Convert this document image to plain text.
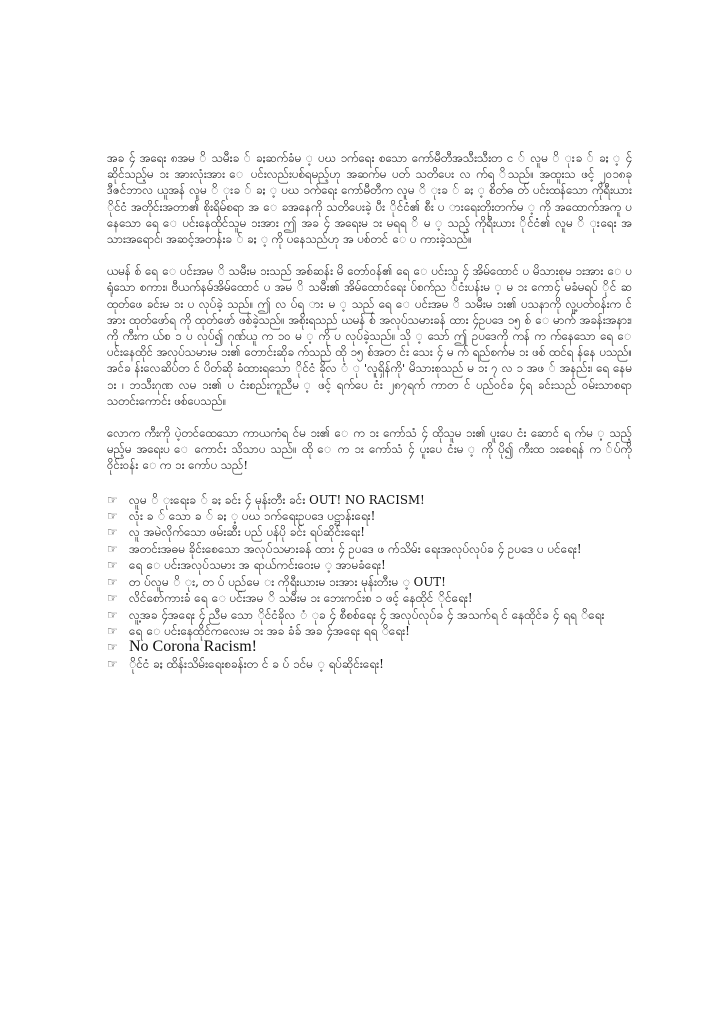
အခ ၄် အရေး ၈အမ ိ သမီးခ ် ခႏဆက်ခံမ ့ ပဃ ၁က်ရေး စသော ကော်မီတီအသီးသီးတ င ် လူမ ိ ုးခ ် ခႏ ့ ၄် ဆိုင်သည့်မ ၁း အားလုံးအား ေ ပင်းလည်းပစ်ရမည့်ဟု အဆက်မ ပတ် သတိပေး လ က်ရ ိသည်။ အထူးသ ဖင့် ၂၀၁၈ခု ဒီဇင်ဘာလ ယူအန် လူမ ိ ုးခ ် ခႏ ့ ပဃ ၁က်ရေး ကော်မီတီက လူမ ိ ုးခ ် ခႏ ့ စိတ်ဓ တ် ပင်းထန်သော ကိုရီးယား ိုင်ငံ အတိုင်းအတာ၏ စိုးရိမ်စရာ အ ေ ခအနေကို သတိပေးခဲ့ ပီး ိုင်ငံ၏ စီး ပ ားရေးတိုးတက်မ ့ ကို အထောက်အကူ ပ နေသော ရေ ေ ပင်းနေထိုင်သူမ ၁းအား ဤ အခ ၄် အရေးမ ၁း မရရ ိ မ ့ သည့် ကိုရီးယား ိုင်ငံ၏ လူမ ိ ုးရေး အ သားအရောင်၊ အဆင့်အတန်းခ ် ခႏ ့ ကို ပနေသည်ဟု အ ပစ်တင် ေ ပ ကားခဲ့သည်။

ယမန် စ် ရေ ေ ပင်းအမ ိ သမီးမ ၁းသည် အစ်ဆန်း မိ တော်ဝန်၏ ရေ ေ ပင်းသူ ၄် အိမ်ထောင် ပ မိသားစုမ ၁းအား ေ ပရုံသော စကား၊ ဗီယက်နမ်အိမ်ထောင် ပ အမ ိ သမီး၏ အိမ်ထောင်ရေး ပ်စက်ည ်ငံးပန်းမ ့ မ ၁း ကော၄် မခံမရပ် ိုင် ဆ ထုတ်ဖေ ခင်းမ ၁း ပ လုပ်ခဲ့ သည်။ ဤ လ ပ်ရ ား မ ့ သည် ရေ ေ ပင်းအမ ိ သမီးမ ၁း၏ ပသနာကို လူ့ပတ်ဝန်းက င်အား ထုတ်ဖော်ရ ကို ထုတ်ဖော် ဖစ်ခဲ့သည်။ အစိုးရသည် ယမန် စ် အလုပ်သမားခန် ထား ၄်ဥပဒေ ၁၅ စ် ေ မာက် အခန်းအနား၊ကို ကီးက ယ်စ ၁ ပ လုပ်၍ ဂုဏ်ယူ က ၁၀ မ ့ ကို ပ လုပ်ခဲ့သည်။ သို ့ သော် ဤ ဥပဒေကို ကန် က က်နေသော ရေ ေ ပင်းနေထိုင် အလုပ်သမားမ ၁း၏ တောင်းဆိုခ က်သည် ထို ၁၅ စ်အတ င်း သေး ၄် မ က် ရည်စက်မ ၁း ဖစ် ထင်ရ န်နေ ပသည်။ အင်ခ န်းလေဆိပ်တ င် ပိတ်ဆို ခံထားရသော ိုင်ငံ ခိုလ ံ ု 'လူရှိန်ကို' မိသားစုသည် မ ၁း ၇ လ ၁ အဖ ် အနည်း၊ ရေ နေမ ၁း ၊ ဘသီးဂုဏ လမ ၁း၏ ပ ငံးစည်းကူညီမ ့ ဖင့် ရက်ပေ ငံး ၂၈၇ရက် ကာတ င် ပည်ဝင်ခ ၄်ရ ခင်းသည် ဝမ်းသာစရာ သတင်းကောင်း ဖစ်ပေသည်။

လောက ကီးကို ပဲ့တင်ထေသော ကာယကံရ င်မ ၁း၏ ေ က ၁း ကော်သံ ၄် ထိုသူမ ၁း၏ ပူးပေ ငံး ဆောင် ရ က်မ ့ သည့် မည့်မ အရေးပ ေ ကောင်း သိသာပ သည်။ ထို ေ က ၁း ကော်သံ ၄် ပူးပေ ငံးမ ့ ကို ပို၍ ကီးထ ၁းစေရန် က ်ပ်ကို ဝိုင်းဝန်း ေ က ၁း ကော်ပ သည်!

☞ လူမ ိ ုးရေးခ ် ခႏ ခင်း ၄် မုန်းတီး ခင်း OUT! NO RACISM!
☞ လုံး ခ ် သော ခ ် ခႏ ့ ပဃ ၁က်ရေးဥပဒေ ပဋ္ဌာန်းရေး!
☞ လူ အမဲလိုက်သော ဖမ်းဆီး ပည် ပန်ပို ခင်း ရပ်ဆိုင်းရေး!
☞ အတင်းအဓမ ခိုင်းစေသော အလုပ်သမားခန် ထား ၄် ဥပဒေ ဖ က်သိမ်း ရေးအလုပ်လုပ်ခ ၄် ဥပဒေ ပ ပင်ရေး!
☞ ရေ ေ ပင်းအလုပ်သမား အ ရာယ်ကင်းဝေးမ ့ အာမခံရေး!
☞ တ ပ်လူမ ိ ုး, တ ပ် ပည်မေ း ကိုရီးယားမ ၁းအား မုန်းတီးမ ့ OUT!
☞ လိင်စော်ကားခံ ရေ ေ ပင်းအမ ိ သမီးမ ၁း ဘေးကင်းစ ၁ ဖင့် နေထိုင် ိုင်ရေး!
☞ လူ့အခ ၄်အရေး ၄် ညီမ သော ိုင်ငံခိုလ ံ ုခ ၄် စီစစ်ရေး ၄် အလုပ်လုပ်ခ ၄် အသက်ရ င် နေထိုင်ခ ၄် ရရ ိရေး
☞ ရေ ေ ပင်းနေထိုင်ကလေးမ ၁း အခ ခံခ် အခ ၄်အရေး ရရ ိရေး!
☞ No Corona Racism!
☞ ိုင်ငံ ခႏ ထိန်းသိမ်းရေးစခန်းတ င် ခ ပ် ၁င်မ ့ ရပ်ဆိုင်းရေး!
